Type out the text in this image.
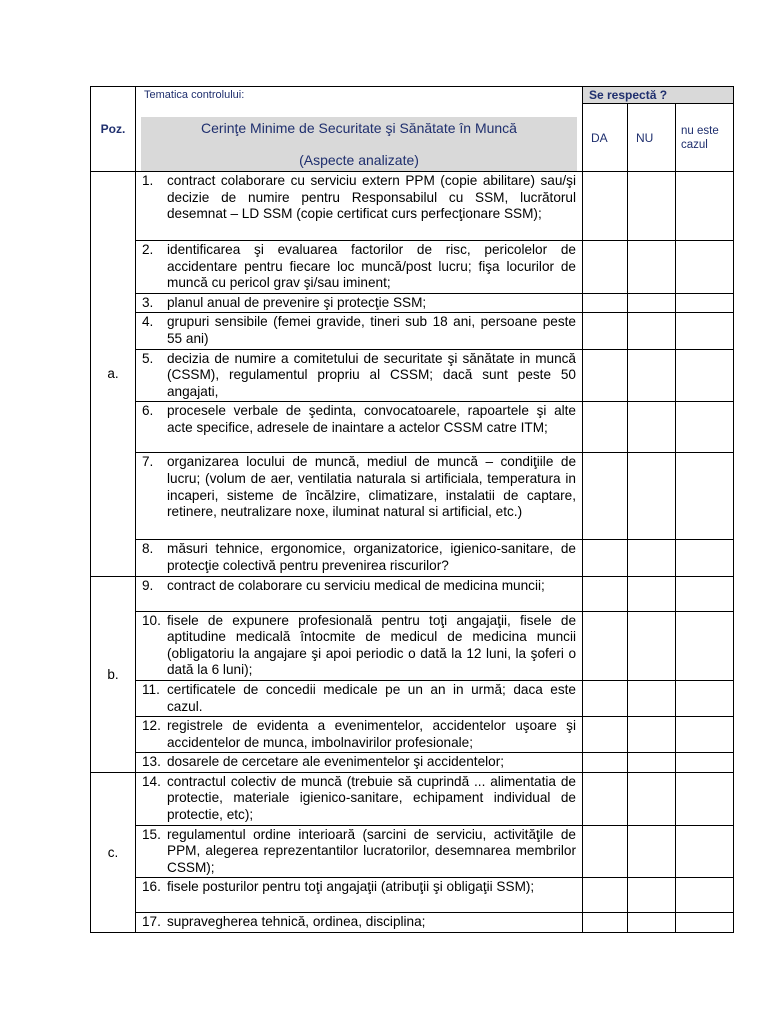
Poz.	Tematica controlului:
Cerinţe Minime de Securitate şi Sănătate în Muncă
(Aspecte analizate)	Se respectă ?		
		DA	NU	nu este cazul
a.	1. contract colaborare cu serviciu extern PPM (copie abilitare) sau/şi decizie de numire pentru Responsabilul cu SSM, lucrătorul desemnat – LD SSM (copie certificat curs perfecţionare SSM);			

	2. identificarea şi evaluarea factorilor de risc, pericolelor de accidentare pentru fiecare loc muncă/post lucru; fişa locurilor de muncă cu pericol grav şi/sau iminent;			

	3. planul anual de prevenire şi protecţie SSM;			

	4. grupuri sensibile (femei gravide, tineri sub 18 ani, persoane peste 55 ani)			

	5. decizia de numire a comitetului de securitate şi sănătate in muncă (CSSM), regulamentul propriu al CSSM; dacă sunt peste 50 angajati,			

	6. procesele verbale de şedinta, convocatoarele, rapoartele şi alte acte specifice, adresele de inaintare a actelor CSSM catre ITM;			

	7. organizarea locului de muncă, mediul de muncă – condiţiile de lucru; (volum de aer, ventilatia naturala si artificiala, temperatura in incaperi, sisteme de încălzire, climatizare, instalatii de captare, retinere, neutralizare noxe, iluminat natural si artificial, etc.)			

	8. măsuri tehnice, ergonomice, organizatorice, igienico-sanitare, de protecţie colectivă pentru prevenirea riscurilor?			

b.	9. contract de colaborare cu serviciu medical de medicina muncii;			

	10. fisele de expunere profesională pentru toţi angajaţii, fisele de aptitudine medicală întocmite de medicul de medicina muncii (obligatoriu la angajare şi apoi periodic o dată la 12 luni, la şoferi o dată la 6 luni);			

	11. certificatele de concedii medicale pe un an in urmă; daca este cazul.			

	12. registrele de evidenta a evenimentelor, accidentelor uşoare şi accidentelor de munca, imbolnavirilor profesionale;			

	13. dosarele de cercetare ale evenimentelor şi accidentelor;			

c.	14. contractul colectiv de muncă (trebuie să cuprindă ... alimentatia de protectie, materiale igienico-sanitare, echipament individual de protectie, etc);			

	15. regulamentul ordine interioară (sarcini de serviciu, activităţile de PPM, alegerea reprezentantilor lucratorilor, desemnarea membrilor CSSM);			

	16. fisele posturilor pentru toţi angajaţii (atribuţii şi obligaţii SSM);			

	17. supravegherea tehnică, ordinea, disciplina;			
